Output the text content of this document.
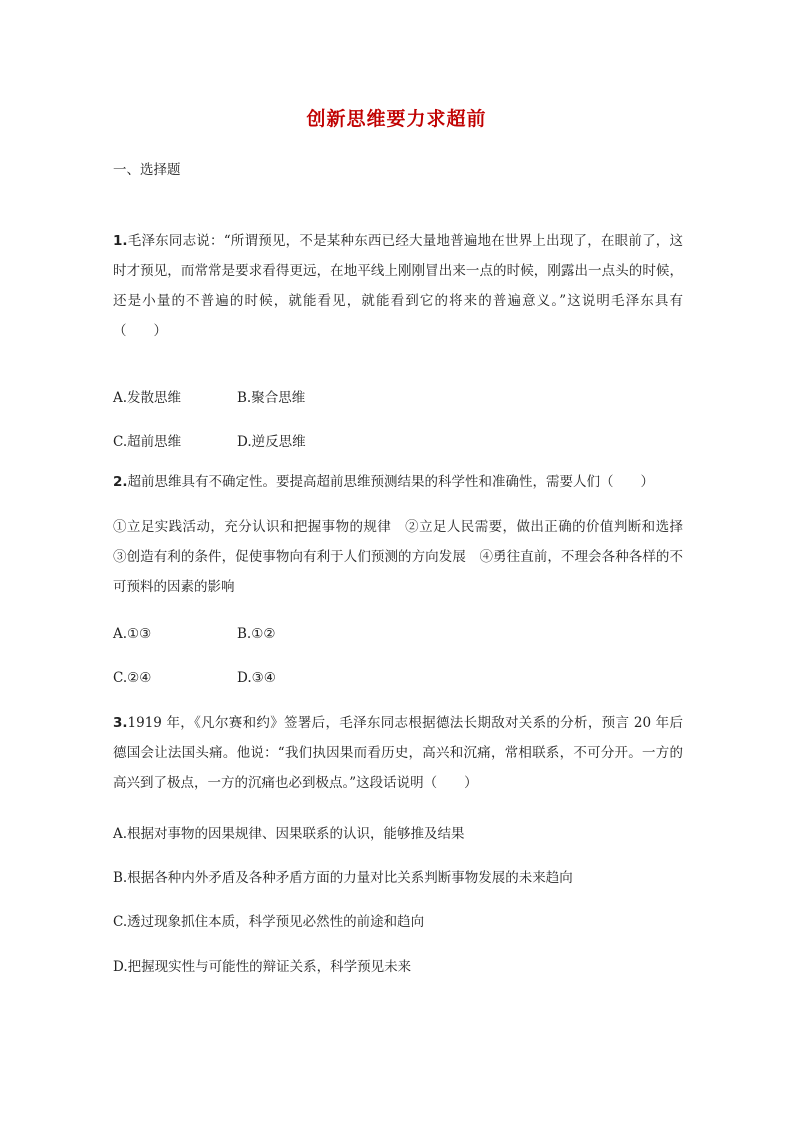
创新思维要力求超前
一、选择题
1.毛泽东同志说：“所谓预见，不是某种东西已经大量地普遍地在世界上出现了，在眼前了，这时才预见，而常常是要求看得更远，在地平线上刚刚冒出来一点的时候，刚露出一点头的时候，还是小量的不普遍的时候，就能看见，就能看到它的将来的普遍意义。”这说明毛泽东具有（　　）
A.发散思维	B.聚合思维
C.超前思维	D.逆反思维
2.超前思维具有不确定性。要提高超前思维预测结果的科学性和准确性，需要人们（　　）
①立足实践活动，充分认识和把握事物的规律　②立足人民需要，做出正确的价值判断和选择　③创造有利的条件，促使事物向有利于人们预测的方向发展　④勇往直前，不理会各种各样的不可预料的因素的影响
A.①③	B.①②
C.②④	D.③④
3.1919 年，《凡尔赛和约》签署后，毛泽东同志根据德法长期敌对关系的分析，预言 20 年后德国会让法国头痛。他说：“我们执因果而看历史，高兴和沉痛，常相联系，不可分开。一方的高兴到了极点，一方的沉痛也必到极点。”这段话说明（　　）
A.根据对事物的因果规律、因果联系的认识，能够推及结果
B.根据各种内外矛盾及各种矛盾方面的力量对比关系判断事物发展的未来趋向
C.透过现象抓住本质，科学预见必然性的前途和趋向
D.把握现实性与可能性的辩证关系，科学预见未来
